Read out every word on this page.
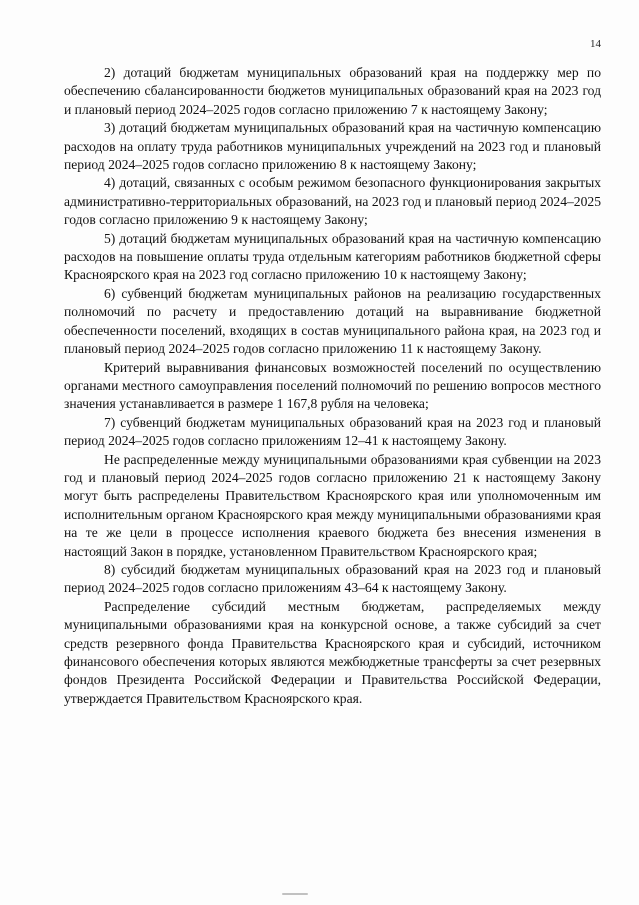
14

2) дотаций бюджетам муниципальных образований края на поддержку мер по обеспечению сбалансированности бюджетов муниципальных образований края на 2023 год и плановый период 2024–2025 годов согласно приложению 7 к настоящему Закону;

3) дотаций бюджетам муниципальных образований края на частичную компенсацию расходов на оплату труда работников муниципальных учреждений на 2023 год и плановый период 2024–2025 годов согласно приложению 8 к настоящему Закону;

4) дотаций, связанных с особым режимом безопасного функционирования закрытых административно-территориальных образований, на 2023 год и плановый период 2024–2025 годов согласно приложению 9 к настоящему Закону;

5) дотаций бюджетам муниципальных образований края на частичную компенсацию расходов на повышение оплаты труда отдельным категориям работников бюджетной сферы Красноярского края на 2023 год согласно приложению 10 к настоящему Закону;

6) субвенций бюджетам муниципальных районов на реализацию государственных полномочий по расчету и предоставлению дотаций на выравнивание бюджетной обеспеченности поселений, входящих в состав муниципального района края, на 2023 год и плановый период 2024–2025 годов согласно приложению 11 к настоящему Закону.

Критерий выравнивания финансовых возможностей поселений по осуществлению органами местного самоуправления поселений полномочий по решению вопросов местного значения устанавливается в размере 1 167,8 рубля на человека;

7) субвенций бюджетам муниципальных образований края на 2023 год и плановый период 2024–2025 годов согласно приложениям 12–41 к настоящему Закону.

Не распределенные между муниципальными образованиями края субвенции на 2023 год и плановый период 2024–2025 годов согласно приложению 21 к настоящему Закону могут быть распределены Правительством Красноярского края или уполномоченным им исполнительным органом Красноярского края между муниципальными образованиями края на те же цели в процессе исполнения краевого бюджета без внесения изменения в настоящий Закон в порядке, установленном Правительством Красноярского края;

8) субсидий бюджетам муниципальных образований края на 2023 год и плановый период 2024–2025 годов согласно приложениям 43–64 к настоящему Закону.

Распределение субсидий местным бюджетам, распределяемых между муниципальными образованиями края на конкурсной основе, а также субсидий за счет средств резервного фонда Правительства Красноярского края и субсидий, источником финансового обеспечения которых являются межбюджетные трансферты за счет резервных фондов Президента Российской Федерации и Правительства Российской Федерации, утверждается Правительством Красноярского края.
